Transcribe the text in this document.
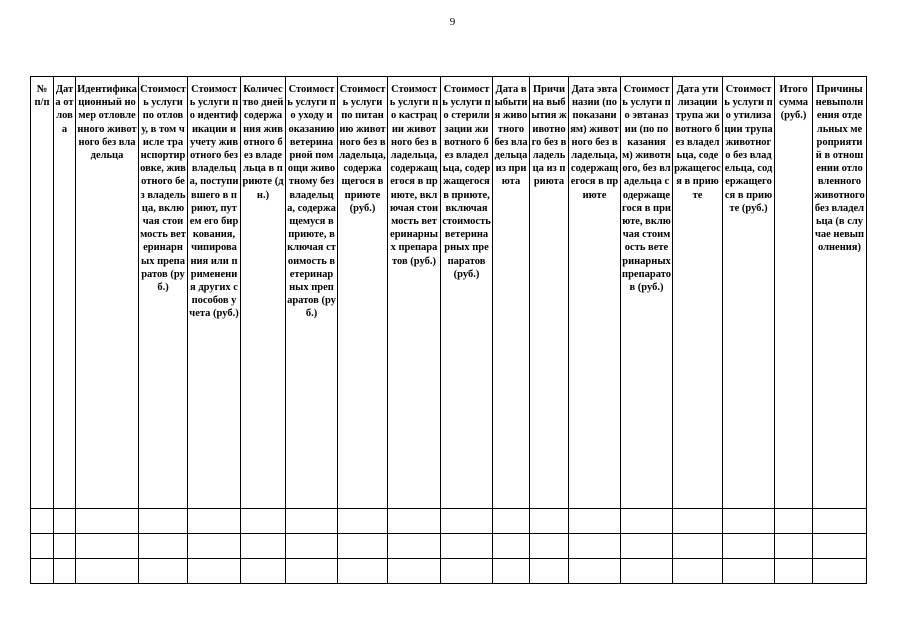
9
№ п/п	Дата отлова	Идентификационный номер отловленного животного без владельца	Стоимость услуги по отлову, в том числе транспортировке, животного без владельца, включая стоимость ветеринарных препаратов (руб.)	Стоимость услуги по идентификации и учету животного без владельца, поступившего в приют, путем его биркования, чипирования или применения других способов учета (руб.)	Количество дней содержания животного без владельца в приюте (дн.)	Стоимость услуги по уходу и оказанию ветеринарной помощи животному без владельца, содержащемуся в приюте, включая стоимость ветеринарных препаратов (руб.)	Стоимость услуги по питанию животного без владельца, содержащегося в приюте (руб.)	Стоимость услуги по кастрации животного без владельца, содержащегося в приюте, включая стоимость ветеринарных препаратов (руб.)	Стоимость услуги по стерилизации животного без владельца, содержащегося в приюте, включая стоимость ветеринарных препаратов (руб.)	Дата выбытия животного без владельца из приюта	Причина выбытия животного без владельца из приюта	Дата эвтаназии (по показаниям) животного без владельца, содержащегося в приюте	Стоимость услуги по эвтаназии (по показаниям) животного, без владельца содержащегося в приюте, включая стоимость ветеринарных препаратов (руб.)	Дата утилизации трупа животного без владельца, содержащегося в приюте	Стоимость услуги по утилизации трупа животного без владельца, содержащегося в приюте (руб.)	Итого сумма (руб.)	Причины невыполнения отдельных мероприятий в отношении отловленного животного без владельца (в случае невыполнения)
